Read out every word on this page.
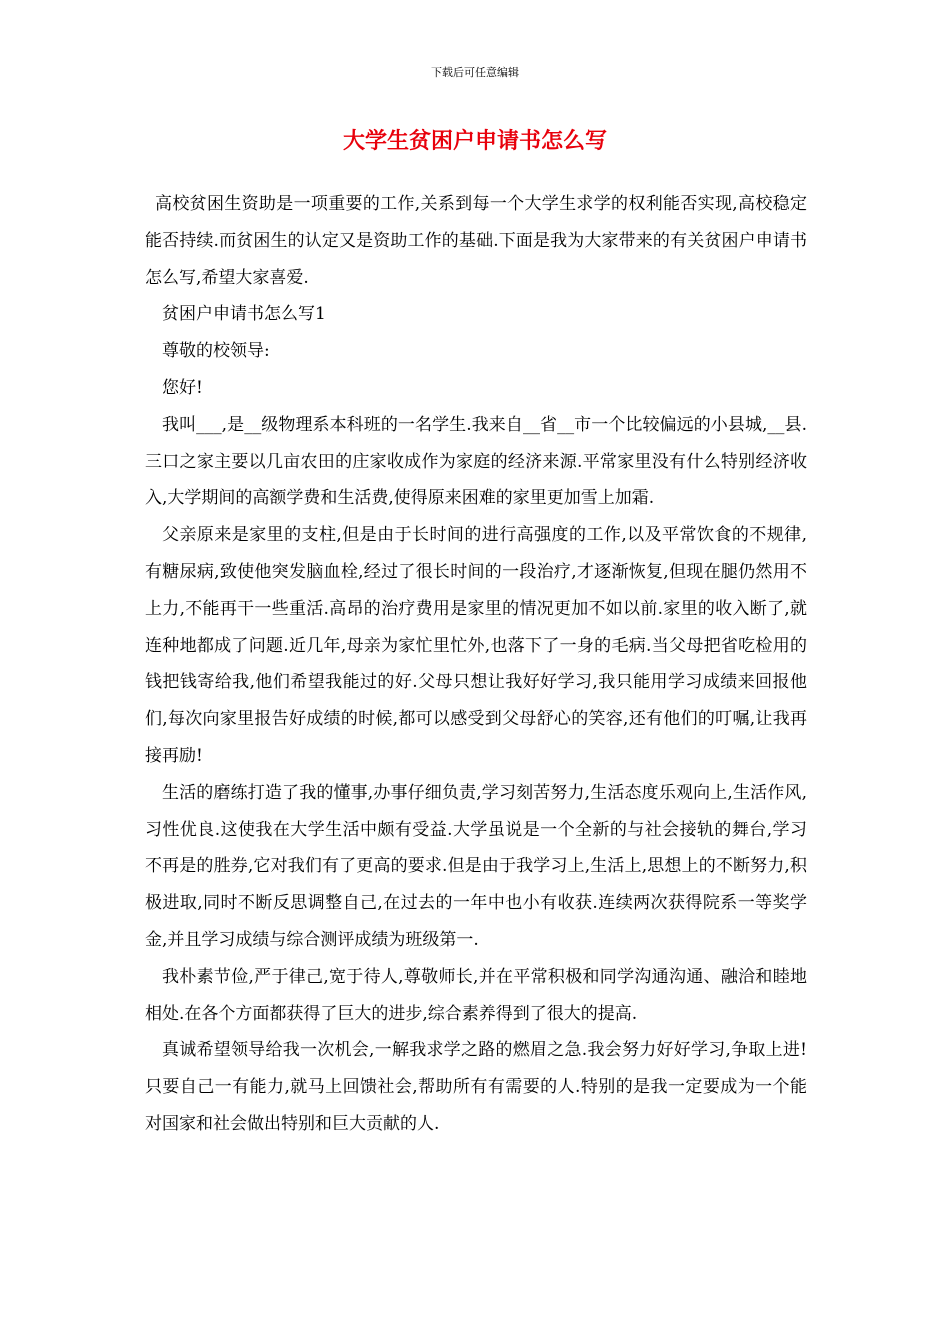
下载后可任意编辑
大学生贫困户申请书怎么写

高校贫困生资助是一项重要的工作,关系到每一个大学生求学的权利能否实现,高校稳定能否持续.而贫困生的认定又是资助工作的基础.下面是我为大家带来的有关贫困户申请书怎么写,希望大家喜爱.

贫困户申请书怎么写1

尊敬的校领导:

您好!

我叫___,是__级物理系本科班的一名学生.我来自__省__市一个比较偏远的小县城,__县.三口之家主要以几亩农田的庄家收成作为家庭的经济来源.平常家里没有什么特别经济收入,大学期间的高额学费和生活费,使得原来困难的家里更加雪上加霜.

父亲原来是家里的支柱,但是由于长时间的进行高强度的工作,以及平常饮食的不规律,有糖尿病,致使他突发脑血栓,经过了很长时间的一段治疗,才逐渐恢复,但现在腿仍然用不上力,不能再干一些重活.高昂的治疗费用是家里的情况更加不如以前.家里的收入断了,就连种地都成了问题.近几年,母亲为家忙里忙外,也落下了一身的毛病.当父母把省吃检用的钱把钱寄给我,他们希望我能过的好.父母只想让我好好学习,我只能用学习成绩来回报他们,每次向家里报告好成绩的时候,都可以感受到父母舒心的笑容,还有他们的叮嘱,让我再接再励!

生活的磨练打造了我的懂事,办事仔细负责,学习刻苦努力,生活态度乐观向上,生活作风,习性优良.这使我在大学生活中颇有受益.大学虽说是一个全新的与社会接轨的舞台,学习不再是的胜券,它对我们有了更高的要求.但是由于我学习上,生活上,思想上的不断努力,积极进取,同时不断反思调整自己,在过去的一年中也小有收获.连续两次获得院系一等奖学金,并且学习成绩与综合测评成绩为班级第一.

我朴素节俭,严于律己,宽于待人,尊敬师长,并在平常积极和同学沟通沟通、融洽和睦地相处.在各个方面都获得了巨大的进步,综合素养得到了很大的提高.

真诚希望领导给我一次机会,一解我求学之路的燃眉之急.我会努力好好学习,争取上进!只要自己一有能力,就马上回馈社会,帮助所有有需要的人.特别的是我一定要成为一个能对国家和社会做出特别和巨大贡献的人.
